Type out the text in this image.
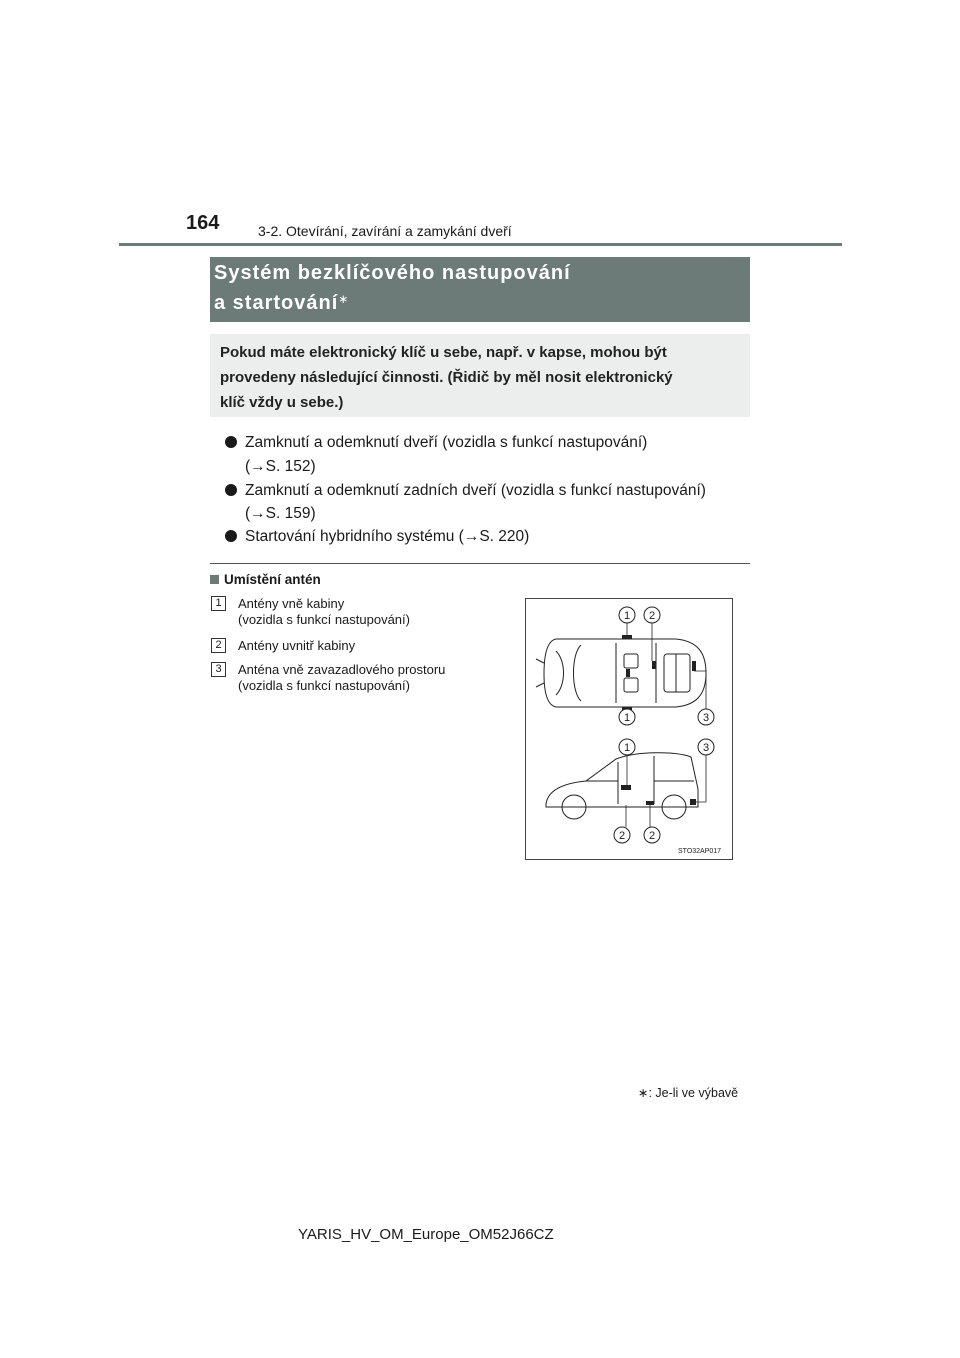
164	3-2. Otevírání, zavírání a zamykání dveří
Systém bezklíčového nastupování
a startování∗
Pokud máte elektronický klíč u sebe, např. v kapse, mohou být
provedeny následující činnosti. (Řidič by měl nosit elektronický
klíč vždy u sebe.)
Zamknutí a odemknutí dveří (vozidla s funkcí nastupování)
(→S. 152)
Zamknutí a odemknutí zadních dveří (vozidla s funkcí nastupování)
(→S. 159)
Startování hybridního systému (→S. 220)
Umístění antén
1	Antény vně kabiny
(vozidla s funkcí nastupování)
2	Antény uvnitř kabiny
3	Anténa vně zavazadlového prostoru
(vozidla s funkcí nastupování)
1 2
1	3
1	3
2 2
STO32AP017
∗: Je-li ve výbavě
YARIS_HV_OM_Europe_OM52J66CZ
